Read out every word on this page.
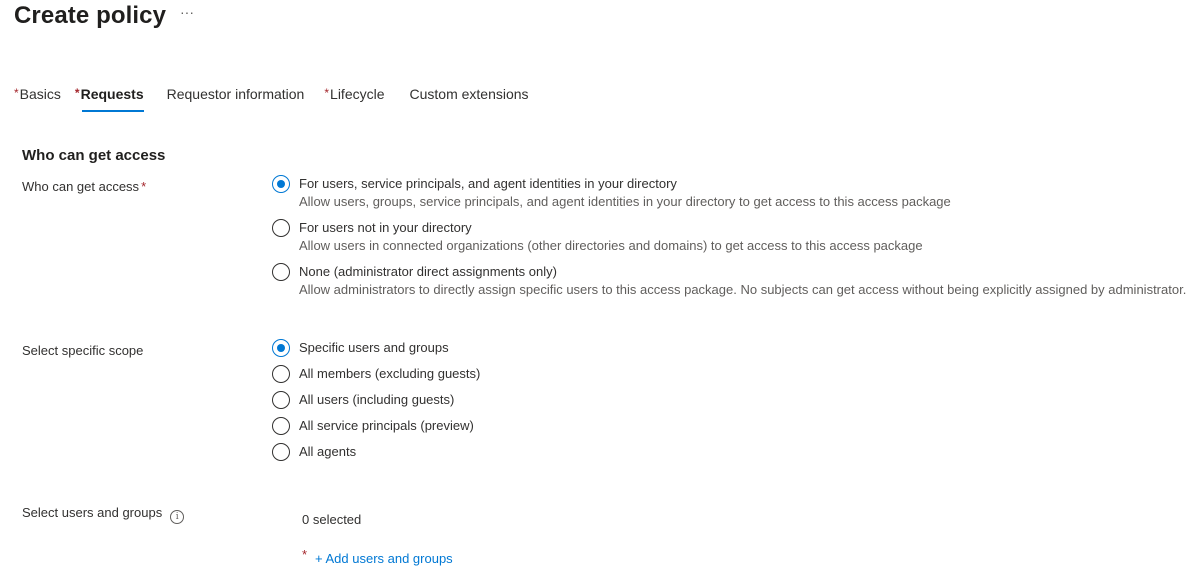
Create policy ···
*Basics *Requests Requestor information *Lifecycle Custom extensions
Who can get access
Who can get access *	For users, service principals, and agent identities in your directory
Allow users, groups, service principals, and agent identities in your directory to get access to this access package
For users not in your directory
Allow users in connected organizations (other directories and domains) to get access to this access package
None (administrator direct assignments only)
Allow administrators to directly assign specific users to this access package. No subjects can get access without being explicitly assigned by administrator.
Select specific scope	Specific users and groups
All members (excluding guests)
All users (including guests)
All service principals (preview)
All agents
Select users and groups i	0 selected
* + Add users and groups
